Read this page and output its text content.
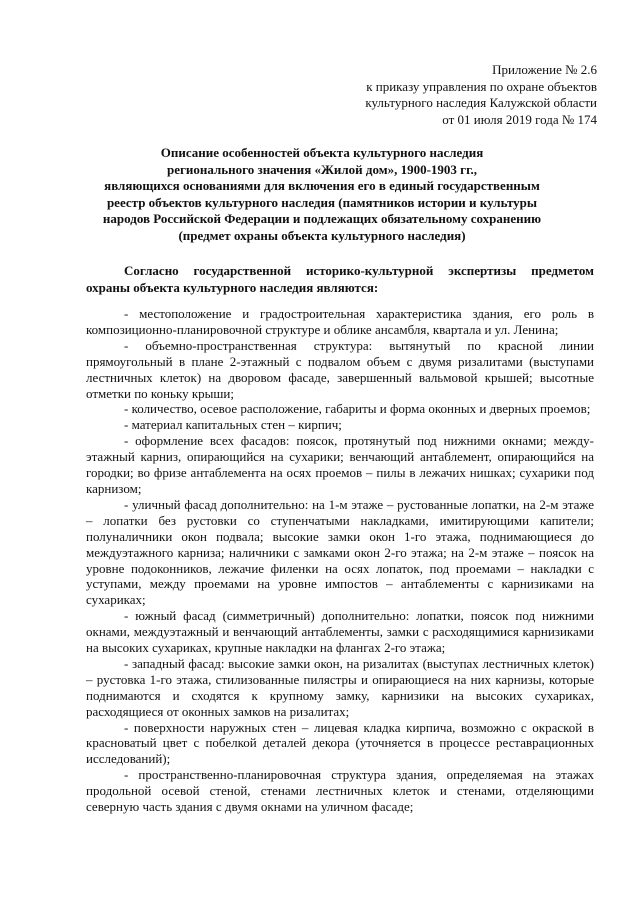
Приложение № 2.6
к приказу управления по охране объектов
культурного наследия Калужской области
от 01 июля 2019 года № 174
Описание особенностей объекта культурного наследия
регионального значения «Жилой дом», 1900-1903 гг.,
являющихся основаниями для включения его в единый государственным
реестр объектов культурного наследия (памятников истории и культуры
народов Российской Федерации и подлежащих обязательному сохранению
(предмет охраны объекта культурного наследия)
Согласно государственной историко-культурной экспертизы предметом охраны объекта культурного наследия являются:

- местоположение и градостроительная характеристика здания, его роль в композиционно-планировочной структуре и облике ансамбля, квартала и ул. Ленина;

- объемно-пространственная структура: вытянутый по красной линии прямоугольный в плане 2-этажный с подвалом объем с двумя ризалитами (выступами лестничных клеток) на дворовом фасаде, завершенный вальмовой крышей; высотные отметки по коньку крыши;

- количество, осевое расположение, габариты и форма оконных и дверных проемов;

- материал капитальных стен – кирпич;

- оформление всех фасадов: поясок, протянутый под нижними окнами; между-этажный карниз, опирающийся на сухарики; венчающий антаблемент, опирающийся на городки; во фризе антаблемента на осях проемов – пилы в лежачих нишках; сухарики под карнизом;

- уличный фасад дополнительно: на 1-м этаже – рустованные лопатки, на 2-м этаже – лопатки без рустовки со ступенчатыми накладками, имитирующими капители; полуналичники окон подвала; высокие замки окон 1-го этажа, поднимающиеся до междуэтажного карниза; наличники с замками окон 2-го этажа; на 2-м этаже – поясок на уровне подоконников, лежачие филенки на осях лопаток, под проемами – накладки с уступами, между проемами на уровне импостов – антаблементы с карнизиками на сухариках;

- южный фасад (симметричный) дополнительно: лопатки, поясок под нижними окнами, междуэтажный и венчающий антаблементы, замки с расходящимися карнизиками на высоких сухариках, крупные накладки на флангах 2-го этажа;

- западный фасад: высокие замки окон, на ризалитах (выступах лестничных клеток) – рустовка 1-го этажа, стилизованные пилястры и опирающиеся на них карнизы, которые поднимаются и сходятся к крупному замку, карнизики на высоких сухариках, расходящиеся от оконных замков на ризалитах;

- поверхности наружных стен – лицевая кладка кирпича, возможно с окраской в красноватый цвет с побелкой деталей декора (уточняется в процессе реставрационных исследований);

- пространственно-планировочная структура здания, определяемая на этажах продольной осевой стеной, стенами лестничных клеток и стенами, отделяющими северную часть здания с двумя окнами на уличном фасаде;
